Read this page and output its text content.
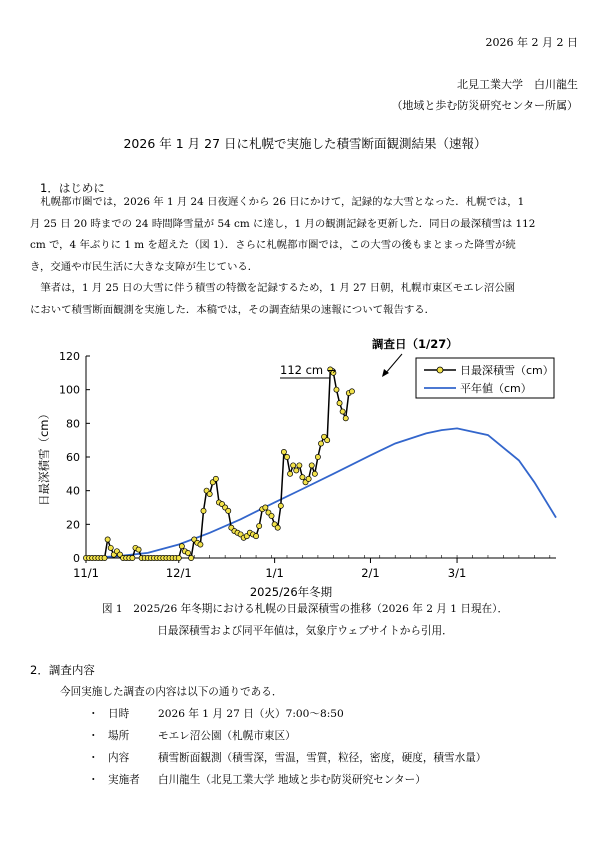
2026 年 2 月 2 日
北見工業大学　白川龍生
（地域と歩む防災研究センター所属）
2026 年 1 月 27 日に札幌で実施した積雪断面観測結果（速報）
1．はじめに
札幌都市圏では，2026 年 1 月 24 日夜遅くから 26 日にかけて，記録的な大雪となった．札幌では，1
月 25 日 20 時までの 24 時間降雪量が 54 cm に達し，1 月の観測記録を更新した．同日の最深積雪は 112
cm で，4 年ぶりに 1 m を超えた（図 1）．さらに札幌都市圏では，この大雪の後もまとまった降雪が続
き，交通や市民生活に大きな支障が生じている．
筆者は，1 月 25 日の大雪に伴う積雪の特徴を記録するため，1 月 27 日朝，札幌市東区モエレ沼公園
において積雪断面観測を実施した．本稿では，その調査結果の速報について報告する．
0
20
40
60
80
100
120
11/1	12/1	1/1	2/1	3/1
2025/26年冬期
日最深積雪（cm）
日最深積雪（cm）
平年値（cm）
112 cm →
調査日（1/27）
図 1　2025/26 年冬期における札幌の日最深積雪の推移（2026 年 2 月 1 日現在）．
日最深積雪および同平年値は，気象庁ウェブサイトから引用．
2．調査内容
今回実施した調査の内容は以下の通りである．
・ 日時	2026 年 1 月 27 日（火）7:00～8:50
・ 場所	モエレ沼公園（札幌市東区）
・ 内容	積雪断面観測（積雪深，雪温，雪質，粒径，密度，硬度，積雪水量）
・ 実施者 白川龍生（北見工業大学 地域と歩む防災研究センター）
